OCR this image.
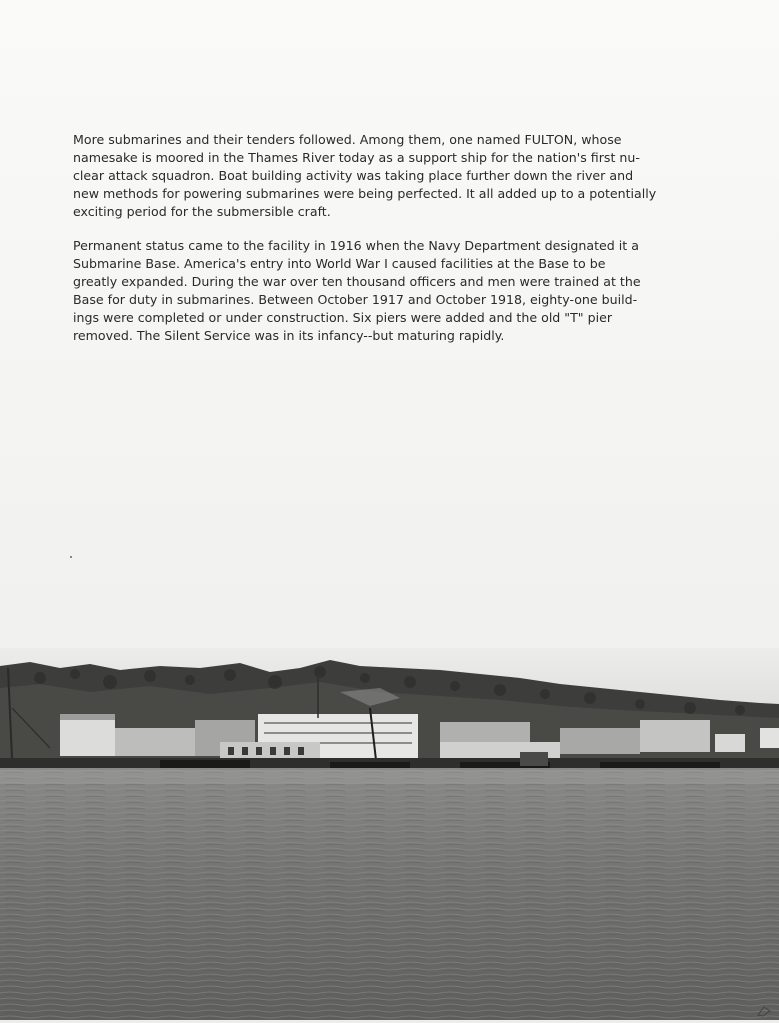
More submarines and their tenders followed. Among them, one named FULTON, whose
namesake is moored in the Thames River today as a support ship for the nation's first nu-
clear attack squadron. Boat building activity was taking place further down the river and
new methods for powering submarines were being perfected. It all added up to a potentially
exciting period for the submersible craft.

Permanent status came to the facility in 1916 when the Navy Department designated it a
Submarine Base. America's entry into World War I caused facilities at the Base to be
greatly expanded. During the war over ten thousand officers and men were trained at the
Base for duty in submarines. Between October 1917 and October 1918, eighty-one build-
ings were completed or under construction. Six piers were added and the old "T" pier
removed. The Silent Service was in its infancy--but maturing rapidly.
